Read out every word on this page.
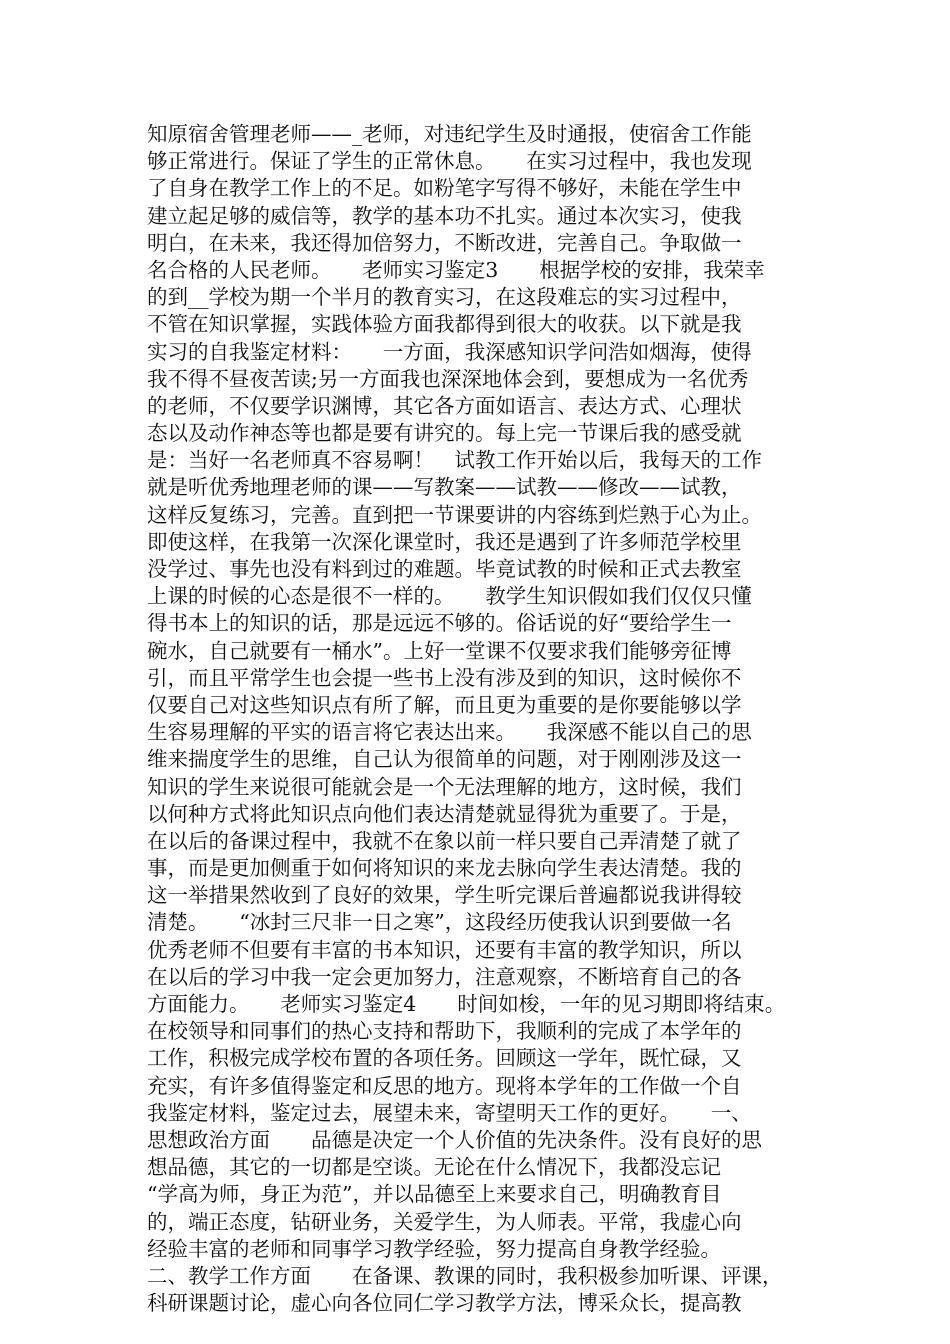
知原宿舍管理老师——_老师，对违纪学生及时通报，使宿舍工作能
够正常进行。保证了学生的正常休息。　　在实习过程中，我也发现
了自身在教学工作上的不足。如粉笔字写得不够好，未能在学生中
建立起足够的威信等，教学的基本功不扎实。通过本次实习，使我
明白，在未来，我还得加倍努力，不断改进，完善自己。争取做一
名合格的人民老师。　　老师实习鉴定3　　根据学校的安排，我荣幸
的到__学校为期一个半月的教育实习，在这段难忘的实习过程中，
不管在知识掌握，实践体验方面我都得到很大的收获。以下就是我
实习的自我鉴定材料：　　一方面，我深感知识学问浩如烟海，使得
我不得不昼夜苦读;另一方面我也深深地体会到，要想成为一名优秀
的老师，不仅要学识渊博，其它各方面如语言、表达方式、心理状
态以及动作神态等也都是要有讲究的。每上完一节课后我的感受就
是：当好一名老师真不容易啊！　试教工作开始以后，我每天的工作
就是听优秀地理老师的课——写教案——试教——修改——试教，
这样反复练习，完善。直到把一节课要讲的内容练到烂熟于心为止。
即使这样，在我第一次深化课堂时，我还是遇到了许多师范学校里
没学过、事先也没有料到过的难题。毕竟试教的时候和正式去教室
上课的时候的心态是很不一样的。　　教学生知识假如我们仅仅只懂
得书本上的知识的话，那是远远不够的。俗话说的好“要给学生一
碗水，自己就要有一桶水”。上好一堂课不仅要求我们能够旁征博
引，而且平常学生也会提一些书上没有涉及到的知识，这时候你不
仅要自己对这些知识点有所了解，而且更为重要的是你要能够以学
生容易理解的平实的语言将它表达出来。　　我深感不能以自己的思
维来揣度学生的思维，自己认为很简单的问题，对于刚刚涉及这一
知识的学生来说很可能就会是一个无法理解的地方，这时候，我们
以何种方式将此知识点向他们表达清楚就显得犹为重要了。于是，
在以后的备课过程中，我就不在象以前一样只要自己弄清楚了就了
事，而是更加侧重于如何将知识的来龙去脉向学生表达清楚。我的
这一举措果然收到了良好的效果，学生听完课后普遍都说我讲得较
清楚。　　“冰封三尺非一日之寒”，这段经历使我认识到要做一名
优秀老师不但要有丰富的书本知识，还要有丰富的教学知识，所以
在以后的学习中我一定会更加努力，注意观察，不断培育自己的各
方面能力。　　老师实习鉴定4　　时间如梭，一年的见习期即将结束。
在校领导和同事们的热心支持和帮助下，我顺利的完成了本学年的
工作，积极完成学校布置的各项任务。回顾这一学年，既忙碌，又
充实，有许多值得鉴定和反思的地方。现将本学年的工作做一个自
我鉴定材料，鉴定过去，展望未来，寄望明天工作的更好。　　一、
思想政治方面　　品德是决定一个人价值的先决条件。没有良好的思
想品德，其它的一切都是空谈。无论在什么情况下，我都没忘记
“学高为师，身正为范”，并以品德至上来要求自己，明确教育目
的，端正态度，钻研业务，关爱学生，为人师表。平常，我虚心向
经验丰富的老师和同事学习教学经验，努力提高自身教学经验。
二、教学工作方面　　在备课、教课的同时，我积极参加听课、评课，
科研课题讨论，虚心向各位同仁学习教学方法，博采众长，提高教
